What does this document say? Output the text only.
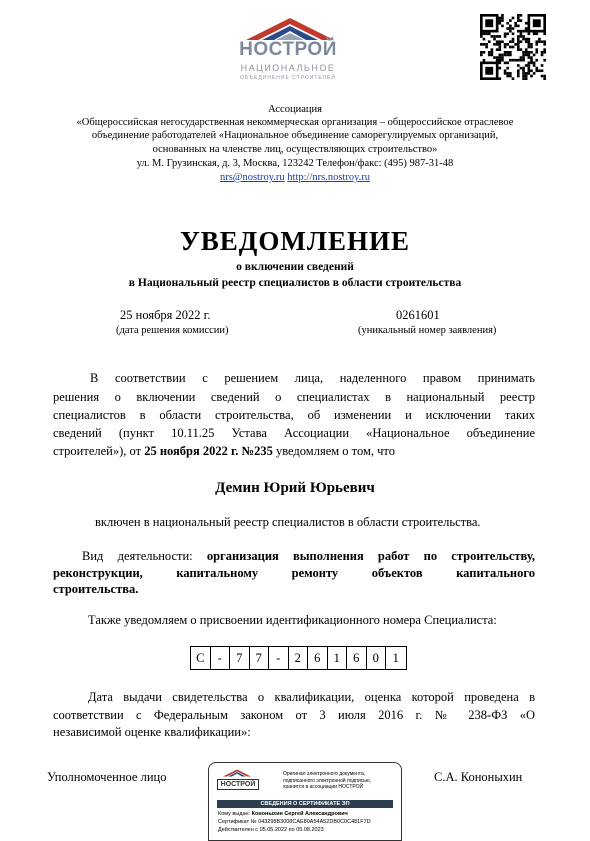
НОСТРОЙ
НАЦИОНАЛЬНОЕ
ОБЪЕДИНЕНИЕ СТРОИТЕЛЕЙ
Ассоциация
«Общероссийская негосударственная некоммерческая организация – общероссийское отраслевое
объединение работодателей «Национальное объединение саморегулируемых организаций,
основанных на членстве лиц, осуществляющих строительство»
ул. М. Грузинская, д. 3, Москва, 123242 Телефон/факс: (495) 987-31-48
nrs@nostroy.ru http://nrs.nostroy.ru
УВЕДОМЛЕНИЕ
о включении сведений
в Национальный реестр специалистов в области строительства
25 ноября 2022 г.
(дата решения комиссии)
0261601
(уникальный номер заявления)
В соответствии с решением лица, наделенного правом принимать
решения о включении сведений о специалистах в национальный реестр
специалистов в области строительства, об изменении и исключении таких
сведений (пункт 10.11.25 Устава Ассоциации «Национальное объединение
строителей»), от 25 ноября 2022 г. №235 уведомляем о том, что
Демин Юрий Юрьевич
включен в национальный реестр специалистов в области строительства.
Вид деятельности: организация выполнения работ по строительству,
реконструкции, капитальному ремонту объектов капитального
строительства.
Также уведомляем о присвоении идентификационного номера Специалиста:
С	-	7	7	-	2	6	1	6	0	1
Дата выдачи свидетельства о квалификации, оценка которой проведена в
соответствии с Федеральным законом от 3 июля 2016 г. № 238-ФЗ «О
независимой оценке квалификации»:
Уполномоченное лицо	С.А. Кононыхин
НОСТРОЙ
Оригинал электронного документа,
подписанного электронной подписью,
хранится в ассоциации НОСТРОЙ
СВЕДЕНИЯ О СЕРТИФИКАТЕ ЭП
Кому выдан: Кононыхин Сергей Александрович
Сертификат № 043298B3008CAE80A54A52DB0C0C481F7D
Действителен с 05.05.2022 по 05.08.2023
